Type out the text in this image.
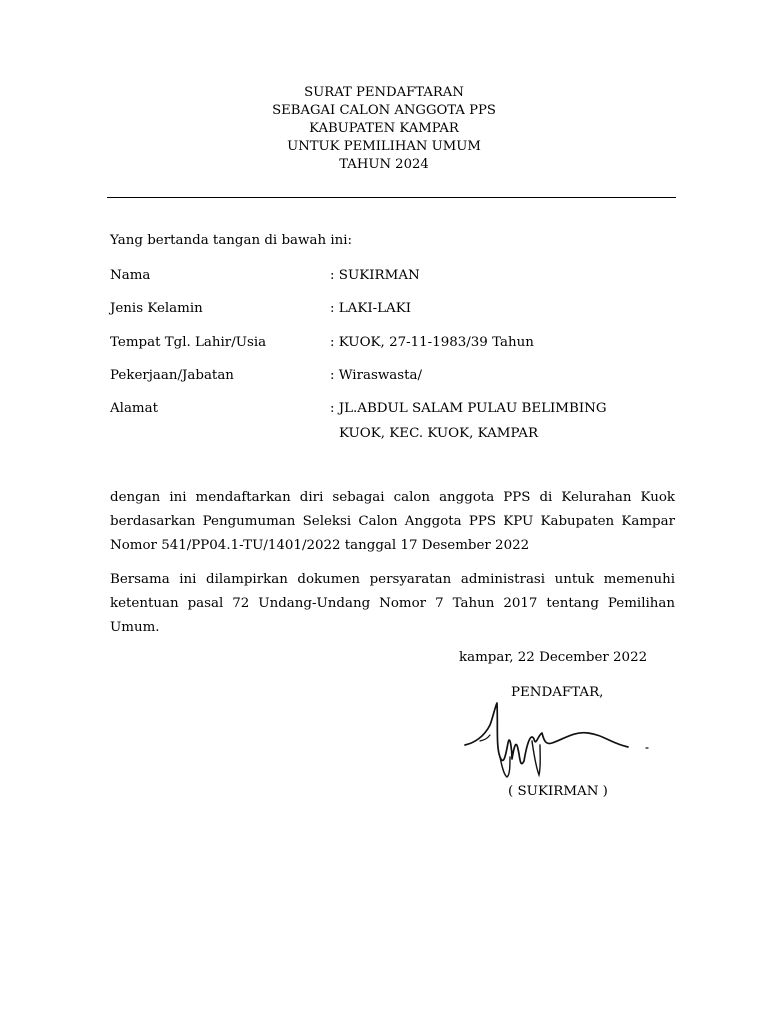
SURAT PENDAFTARAN
SEBAGAI CALON ANGGOTA PPS
KABUPATEN KAMPAR
UNTUK PEMILIHAN UMUM
TAHUN 2024
Yang bertanda tangan di bawah ini:
Nama	: SUKIRMAN
Jenis Kelamin	: LAKI-LAKI
Tempat Tgl. Lahir/Usia	: KUOK, 27-11-1983/39 Tahun
Pekerjaan/Jabatan	: Wiraswasta/
Alamat	: JL.ABDUL SALAM PULAU BELIMBING
KUOK, KEC. KUOK, KAMPAR

dengan ini mendaftarkan diri sebagai calon anggota PPS di Kelurahan Kuok berdasarkan Pengumuman Seleksi Calon Anggota PPS KPU Kabupaten Kampar Nomor 541/PP04.1-TU/1401/2022 tanggal 17 Desember 2022

Bersama ini dilampirkan dokumen persyaratan administrasi untuk memenuhi ketentuan pasal 72 Undang-Undang Nomor 7 Tahun 2017 tentang Pemilihan Umum.

kampar, 22 December 2022
PENDAFTAR,
( SUKIRMAN )
